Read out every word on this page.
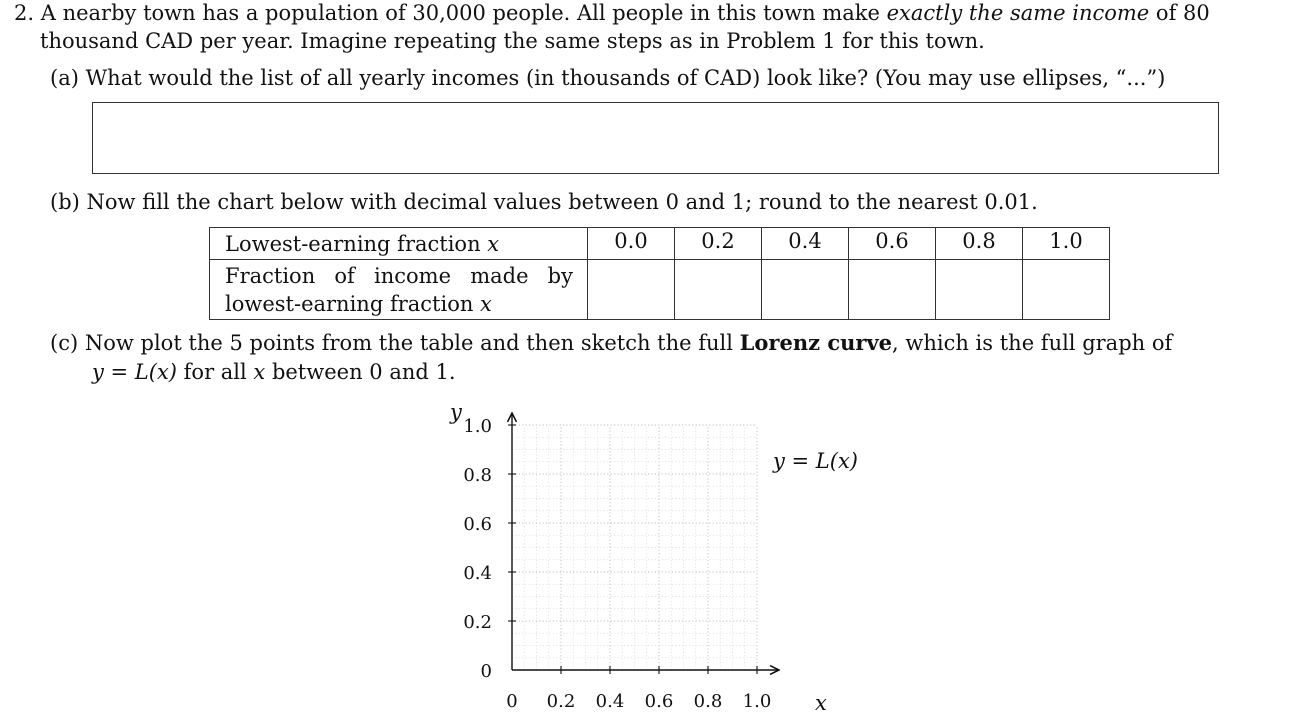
2. A nearby town has a population of 30,000 people. All people in this town make exactly the same income of 80
thousand CAD per year. Imagine repeating the same steps as in Problem 1 for this town.
(a) What would the list of all yearly incomes (in thousands of CAD) look like? (You may use ellipses, “...”)
(b) Now fill the chart below with decimal values between 0 and 1; round to the nearest 0.01.
Lowest-earning fraction x	0.0	0.2	0.4	0.6	0.8	1.0

Fraction of income made by
lowest-earning fraction x						

(c) Now plot the 5 points from the table and then sketch the full Lorenz curve, which is the full graph of
y = L(x) for all x between 0 and 1.
0
0.2
0.4
0.6
0.8
1.0
0 0.2 0.4 0.6 0.8 1.0
y
x
y = L(x)
